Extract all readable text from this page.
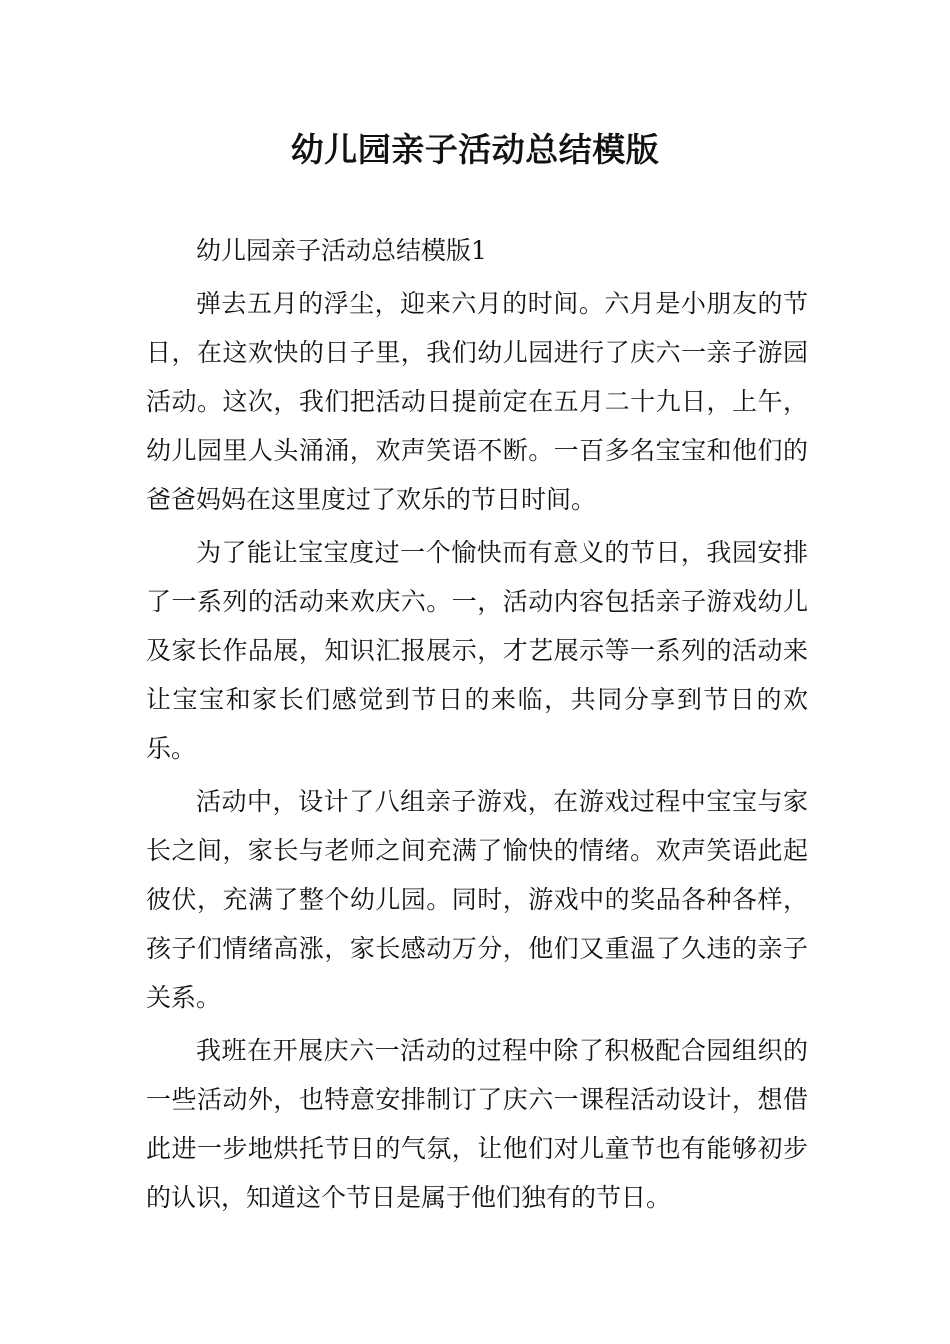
幼儿园亲子活动总结模版
幼儿园亲子活动总结模版1

弹去五月的浮尘，迎来六月的时间。六月是小朋友的节日，在这欢快的日子里，我们幼儿园进行了庆六一亲子游园活动。这次，我们把活动日提前定在五月二十九日，上午，幼儿园里人头涌涌，欢声笑语不断。一百多名宝宝和他们的爸爸妈妈在这里度过了欢乐的节日时间。

为了能让宝宝度过一个愉快而有意义的节日，我园安排了一系列的活动来欢庆六。一，活动内容包括亲子游戏幼儿及家长作品展，知识汇报展示，才艺展示等一系列的活动来让宝宝和家长们感觉到节日的来临，共同分享到节日的欢乐。

活动中，设计了八组亲子游戏，在游戏过程中宝宝与家长之间，家长与老师之间充满了愉快的情绪。欢声笑语此起彼伏，充满了整个幼儿园。同时，游戏中的奖品各种各样，孩子们情绪高涨，家长感动万分，他们又重温了久违的亲子关系。

我班在开展庆六一活动的过程中除了积极配合园组织的一些活动外，也特意安排制订了庆六一课程活动设计，想借此进一步地烘托节日的气氛，让他们对儿童节也有能够初步的认识，知道这个节日是属于他们独有的节日。
